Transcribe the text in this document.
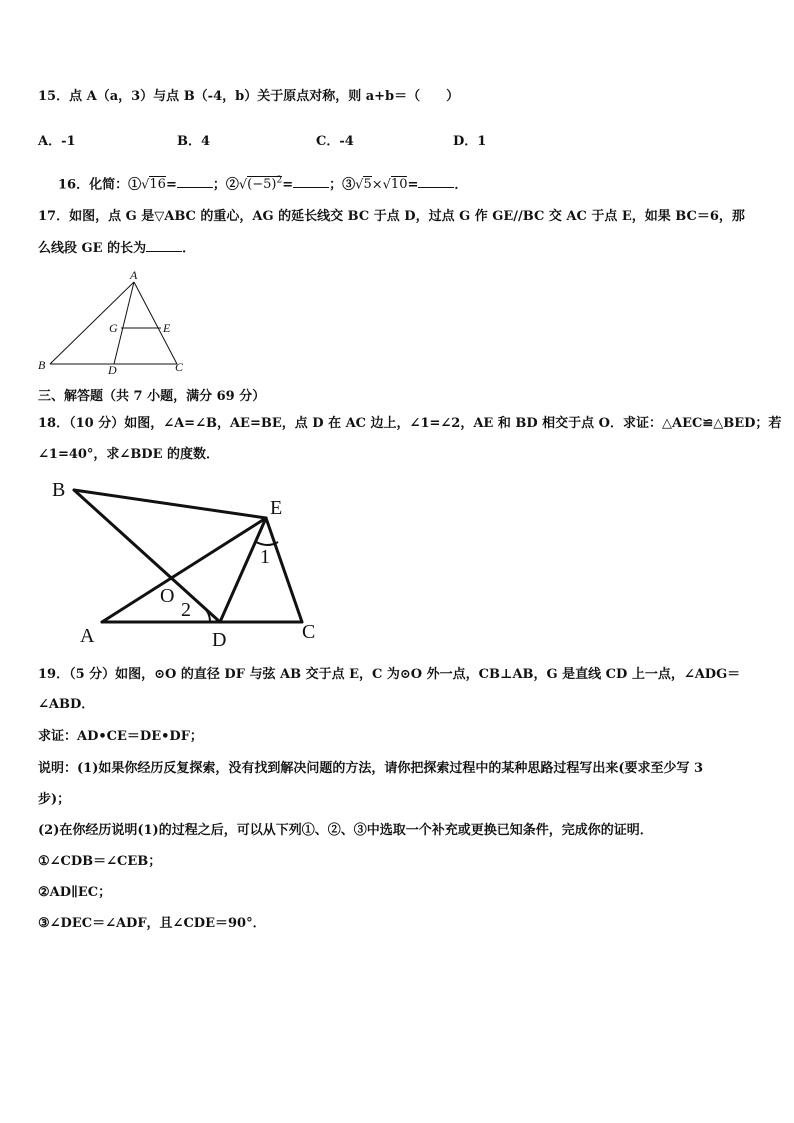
15．点 A（a，3）与点 B（-4，b）关于原点对称，则 a+b＝（　　）
A．-1	B．4	C．-4	D．1
16．化简：①√16=	；$②√(-5)^2=$	；③√5×√10=	．
17．如图，点 G 是▽ABC 的重心，AG 的延长线交 BC 于点 D，过点 G 作 GE//BC 交 AC 于点 E，如果 BC＝6，那
么线段 GE 的长为	．
A
G	E
B	D	C
三、解答题（共 7 小题，满分 69 分）
18．（10 分）如图，∠A=∠B，AE=BE，点 D 在 AC 边上，∠1=∠2，AE 和 BD 相交于点 O．求证：△AEC≌△BED；若
∠1=40°，求∠BDE 的度数．
B
E
1
O
2
A	D	C
19．（5 分）如图，⊙O 的直径 DF 与弦 AB 交于点 E，C 为⊙O 外一点，CB⊥AB，G 是直线 CD 上一点，∠ADG＝
∠ABD．
求证：AD•CE＝DE•DF；
说明：(1)如果你经历反复探索，没有找到解决问题的方法，请你把探索过程中的某种思路过程写出来(要求至少写 3
步)；
(2)在你经历说明(1)的过程之后，可以从下列①、②、③中选取一个补充或更换已知条件，完成你的证明．
①∠CDB＝∠CEB；
②AD∥EC；
③∠DEC＝∠ADF，且∠CDE＝90°．
